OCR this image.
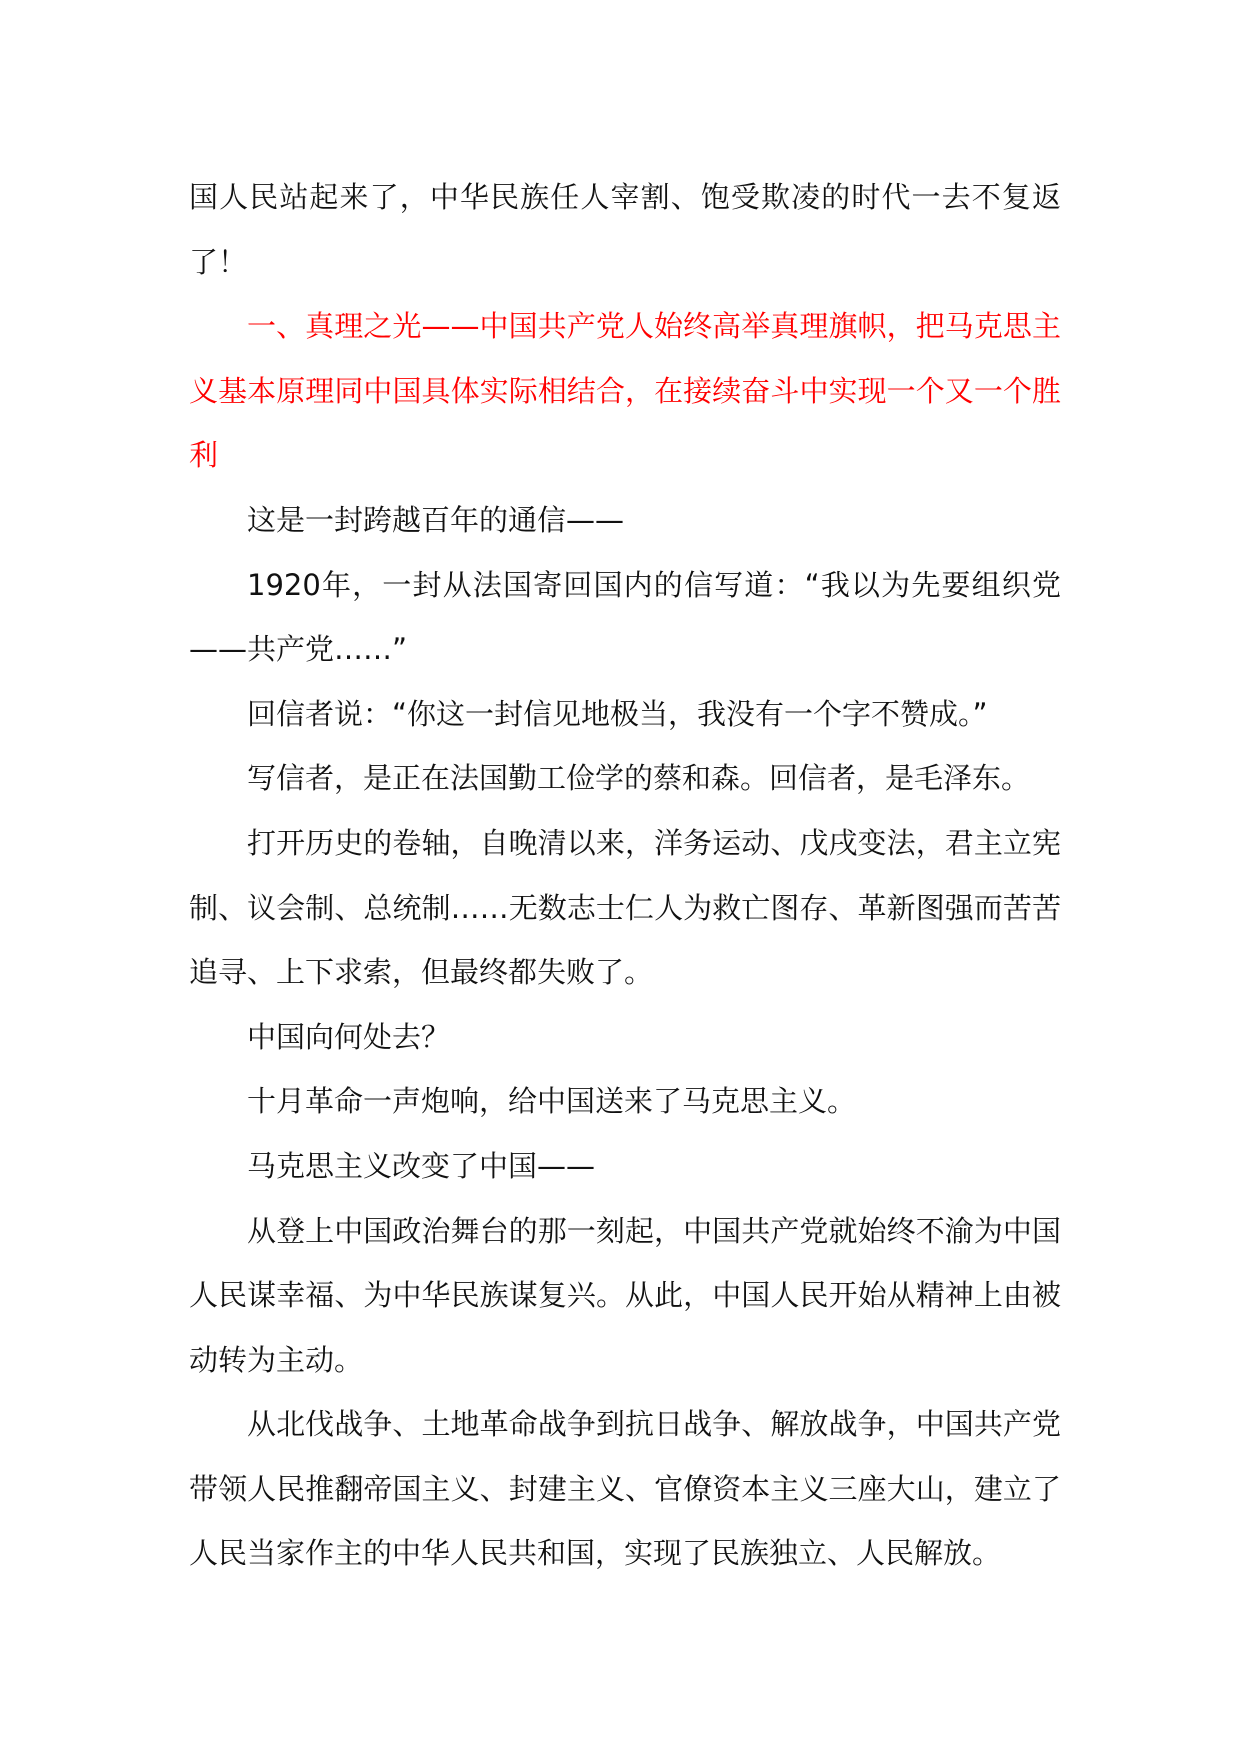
国人民站起来了，中华民族任人宰割、饱受欺凌的时代一去不复返了！

一、真理之光——中国共产党人始终高举真理旗帜，把马克思主义基本原理同中国具体实际相结合，在接续奋斗中实现一个又一个胜利

这是一封跨越百年的通信——

1920年，一封从法国寄回国内的信写道：“我以为先要组织党——共产党……”

回信者说：“你这一封信见地极当，我没有一个字不赞成。”

写信者，是正在法国勤工俭学的蔡和森。回信者，是毛泽东。

打开历史的卷轴，自晚清以来，洋务运动、戊戌变法，君主立宪制、议会制、总统制……无数志士仁人为救亡图存、革新图强而苦苦追寻、上下求索，但最终都失败了。

中国向何处去？

十月革命一声炮响，给中国送来了马克思主义。

马克思主义改变了中国——

从登上中国政治舞台的那一刻起，中国共产党就始终不渝为中国人民谋幸福、为中华民族谋复兴。从此，中国人民开始从精神上由被动转为主动。

从北伐战争、土地革命战争到抗日战争、解放战争，中国共产党带领人民推翻帝国主义、封建主义、官僚资本主义三座大山，建立了人民当家作主的中华人民共和国，实现了民族独立、人民解放。
